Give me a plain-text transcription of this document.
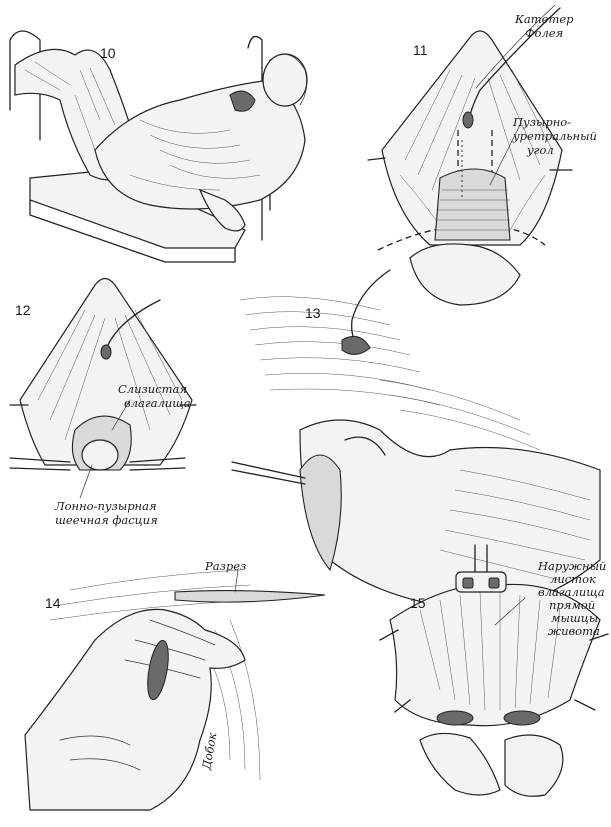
10	11
Катетер
Фолея
Пузырно-
уретральный
угол
12
Слизистая
влагалища
Лонно-пузырная
шеечная фасция
13
14
Разрез
Добок
15
Наружный
листок
влагалища
прямой
мышцы
живота
